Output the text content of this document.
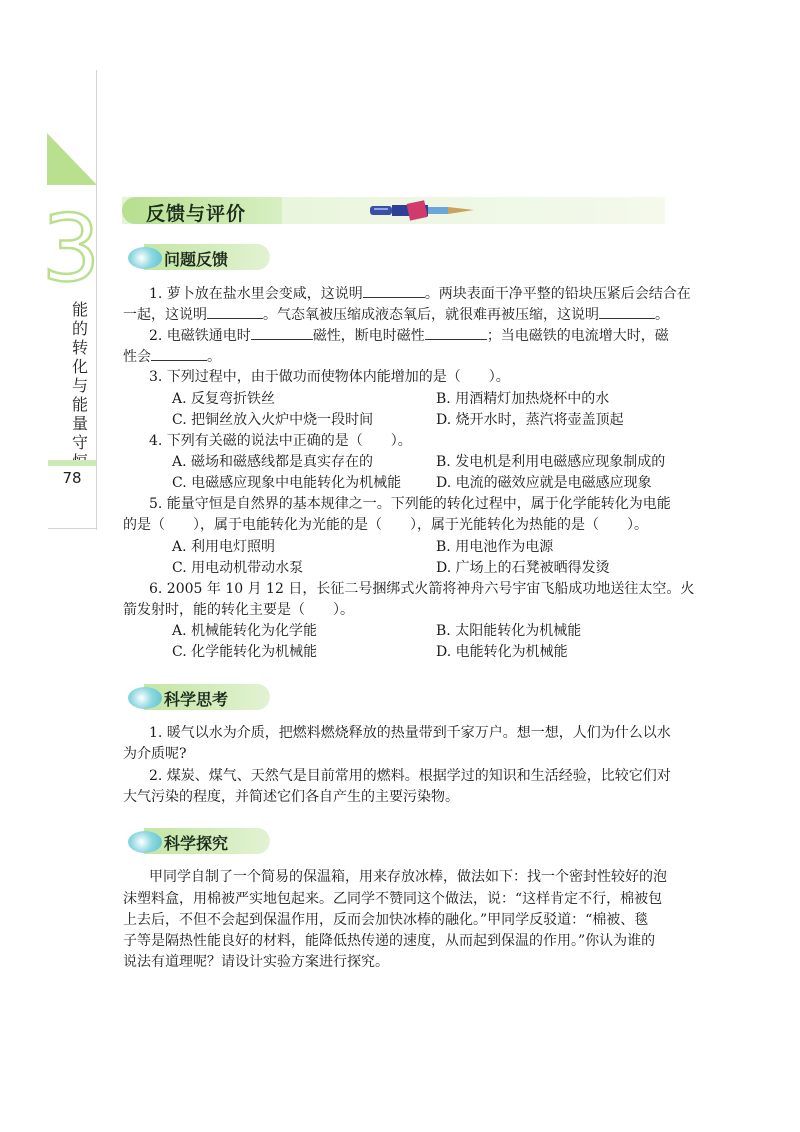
3
能的转化与能量守
78
反馈与评价
问题反馈
1. 萝卜放在盐水里会变咸，这说明	。两块表面干净平整的铅块压紧后会结合在
一起，这说明	。气态氧被压缩成液态氧后，就很难再被压缩，这说明	。
2. 电磁铁通电时	磁性，断电时磁性	；当电磁铁的电流增大时，磁
性会	。
3. 下列过程中，由于做功而使物体内能增加的是（　　）。
A. 反复弯折铁丝	B. 用酒精灯加热烧杯中的水
C. 把铜丝放入火炉中烧一段时间	D. 烧开水时，蒸汽将壶盖顶起
4. 下列有关磁的说法中正确的是（　　）。
A. 磁场和磁感线都是真实存在的	B. 发电机是利用电磁感应现象制成的
C. 电磁感应现象中电能转化为机械能 D. 电流的磁效应就是电磁感应现象
5. 能量守恒是自然界的基本规律之一。下列能的转化过程中，属于化学能转化为电能
的是（　　），属于电能转化为光能的是（　　），属于光能转化为热能的是（　　）。
A. 利用电灯照明	B. 用电池作为电源
C. 用电动机带动水泵	D. 广场上的石凳被晒得发烫
6. 2005 年 10 月 12 日，长征二号捆绑式火箭将神舟六号宇宙飞船成功地送往太空。火
箭发射时，能的转化主要是（　　）。
A. 机械能转化为化学能	B. 太阳能转化为机械能
C. 化学能转化为机械能	D. 电能转化为机械能
科学思考
1. 暖气以水为介质，把燃料燃烧释放的热量带到千家万户。想一想，人们为什么以水
为介质呢?
2. 煤炭、煤气、天然气是目前常用的燃料。根据学过的知识和生活经验，比较它们对
大气污染的程度，并简述它们各自产生的主要污染物。
科学探究
甲同学自制了一个简易的保温箱，用来存放冰棒，做法如下：找一个密封性较好的泡
沫塑料盒，用棉被严实地包起来。乙同学不赞同这个做法，说：“这样肯定不行，棉被包
上去后，不但不会起到保温作用，反而会加快冰棒的融化。”甲同学反驳道：“棉被、毯
子等是隔热性能良好的材料，能降低热传递的速度，从而起到保温的作用。”你认为谁的
说法有道理呢？请设计实验方案进行探究。
